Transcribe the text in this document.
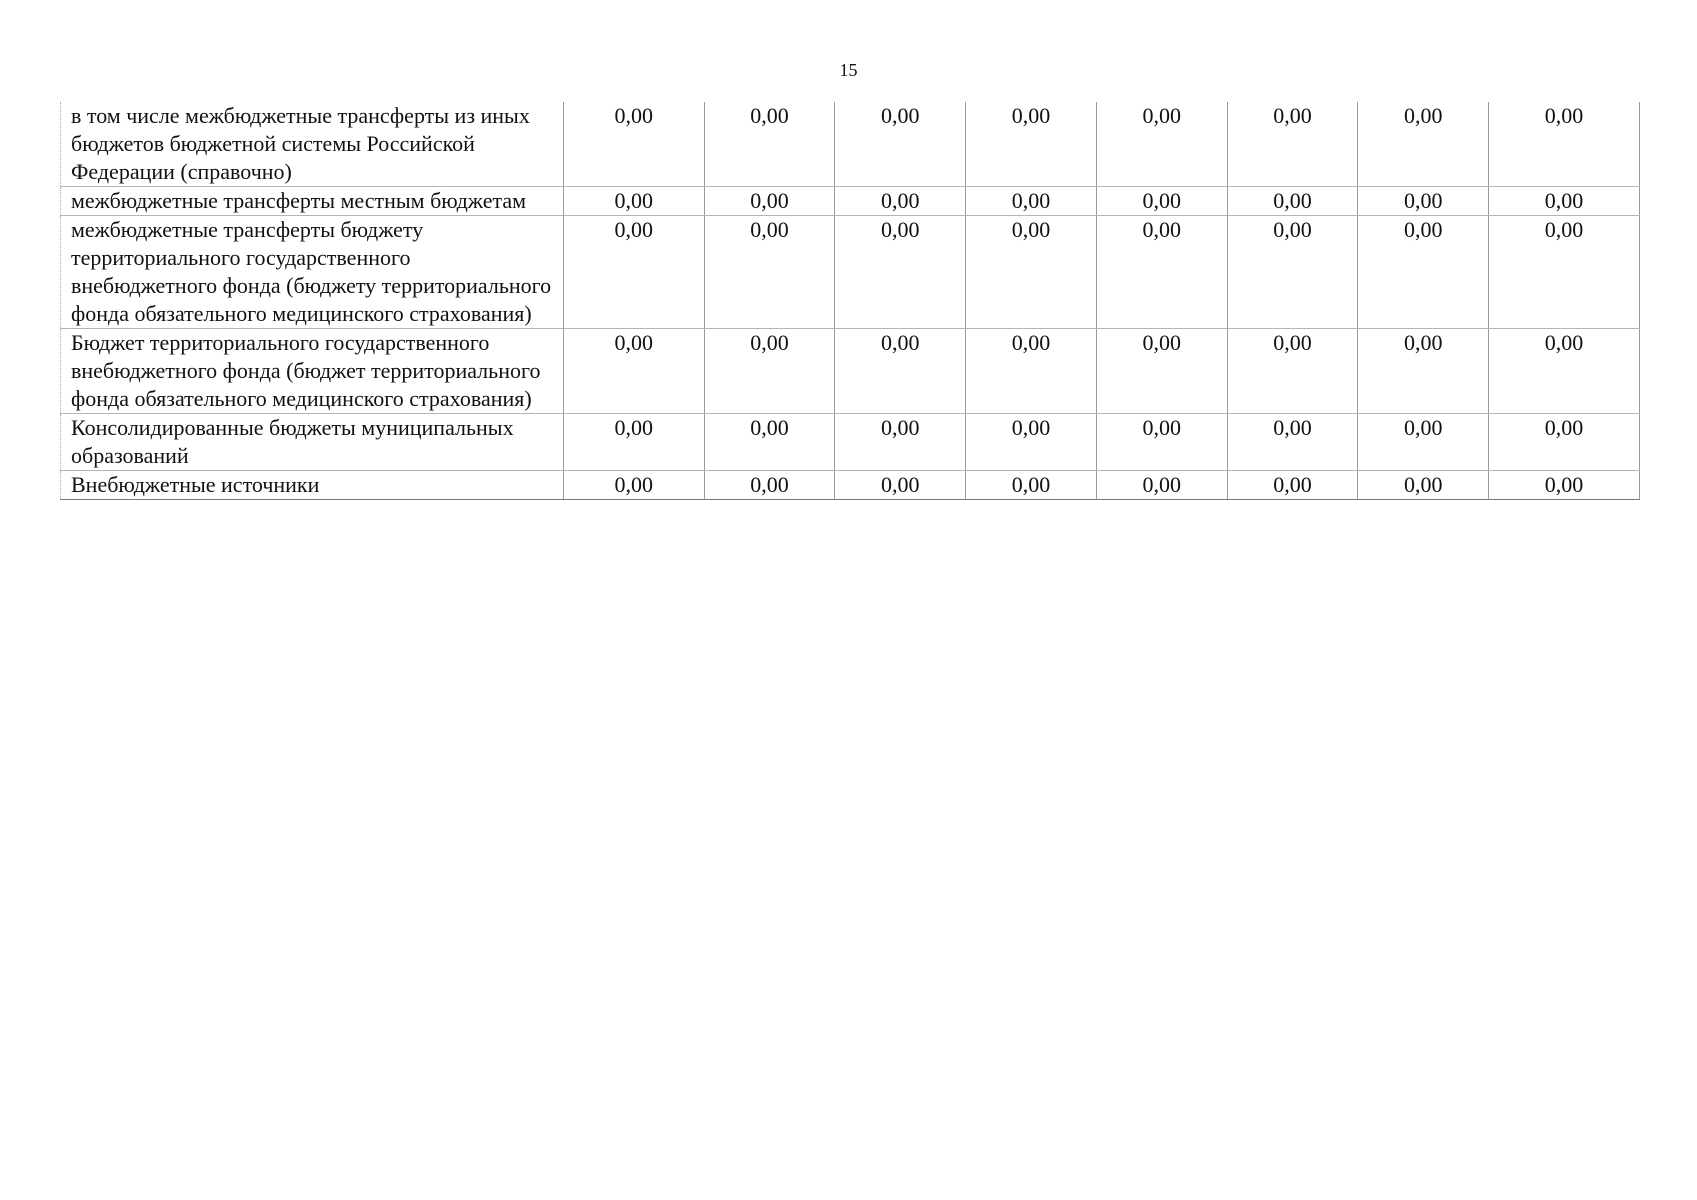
15
в том числе межбюджетные трансферты из иных бюджетов бюджетной системы Российской Федерации (справочно)	0,00	0,00	0,00	0,00	0,00	0,00	0,00	0,00
межбюджетные трансферты местным бюджетам	0,00	0,00	0,00	0,00	0,00	0,00	0,00	0,00
межбюджетные трансферты бюджету территориального государственного внебюджетного фонда (бюджету территориального фонда обязательного медицинского страхования)	0,00	0,00	0,00	0,00	0,00	0,00	0,00	0,00
Бюджет территориального государственного внебюджетного фонда (бюджет территориального фонда обязательного медицинского страхования)	0,00	0,00	0,00	0,00	0,00	0,00	0,00	0,00
Консолидированные бюджеты муниципальных образований	0,00	0,00	0,00	0,00	0,00	0,00	0,00	0,00
Внебюджетные источники	0,00	0,00	0,00	0,00	0,00	0,00	0,00	0,00
